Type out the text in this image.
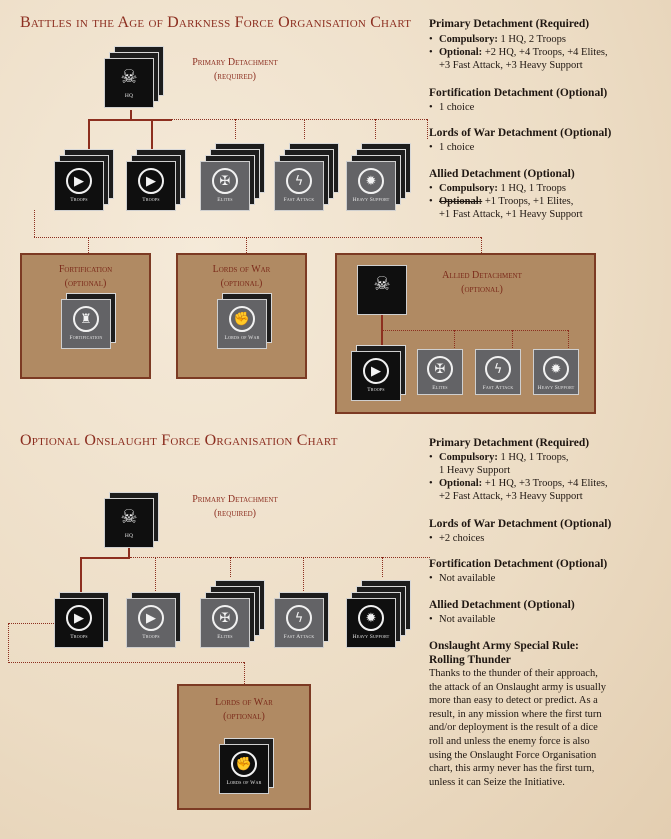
Battles in the Age of Darkness Force Organisation Chart
Primary Detachment
(required)
☠
HQ
▶
Troops
▶
Troops
✠
Elites
ϟ
Fast Attack
✹
Heavy Support
Fortification
(optional)
♜
Fortification
Lords of War
(optional)
✊
Lords of War
Allied Detachment
(optional)
☠
▶
Troops
✠
Elites
ϟ
Fast Attack
✹
Heavy Support
Primary Detachment (Required)
• Compulsory: 1 HQ, 2 Troops
• Optional: +2 HQ, +4 Troops, +4 Elites,
+3 Fast Attack, +3 Heavy Support
Fortification Detachment (Optional)
• 1 choice
Lords of War Detachment (Optional)
• 1 choice
Allied Detachment (Optional)
• Compulsory: 1 HQ, 1 Troops
• Optional: +1 Troops, +1 Elites,
+1 Fast Attack, +1 Heavy Support
Optional Onslaught Force Organisation Chart
Primary Detachment
(required)
☠
HQ
▶
Troops
▶
Troops
✠
Elites
ϟ
Fast Attack
✹
Heavy Support
Lords of War
(optional)
✊
Lords of War
Primary Detachment (Required)
• Compulsory: 1 HQ, 1 Troops,
1 Heavy Support
• Optional: +1 HQ, +3 Troops, +4 Elites,
+2 Fast Attack, +3 Heavy Support
Lords of War Detachment (Optional)
• +2 choices
Fortification Detachment (Optional)
• Not available
Allied Detachment (Optional)
• Not available
Onslaught Army Special Rule:
Rolling Thunder
Thanks to the thunder of their approach, the attack of an Onslaught army is usually more than easy to detect or predict. As a result, in any mission where the first turn and/or deployment is the result of a dice roll and unless the enemy force is also using the Onslaught Force Organisation chart, this army never has the first turn, unless it can Seize the Initiative.
